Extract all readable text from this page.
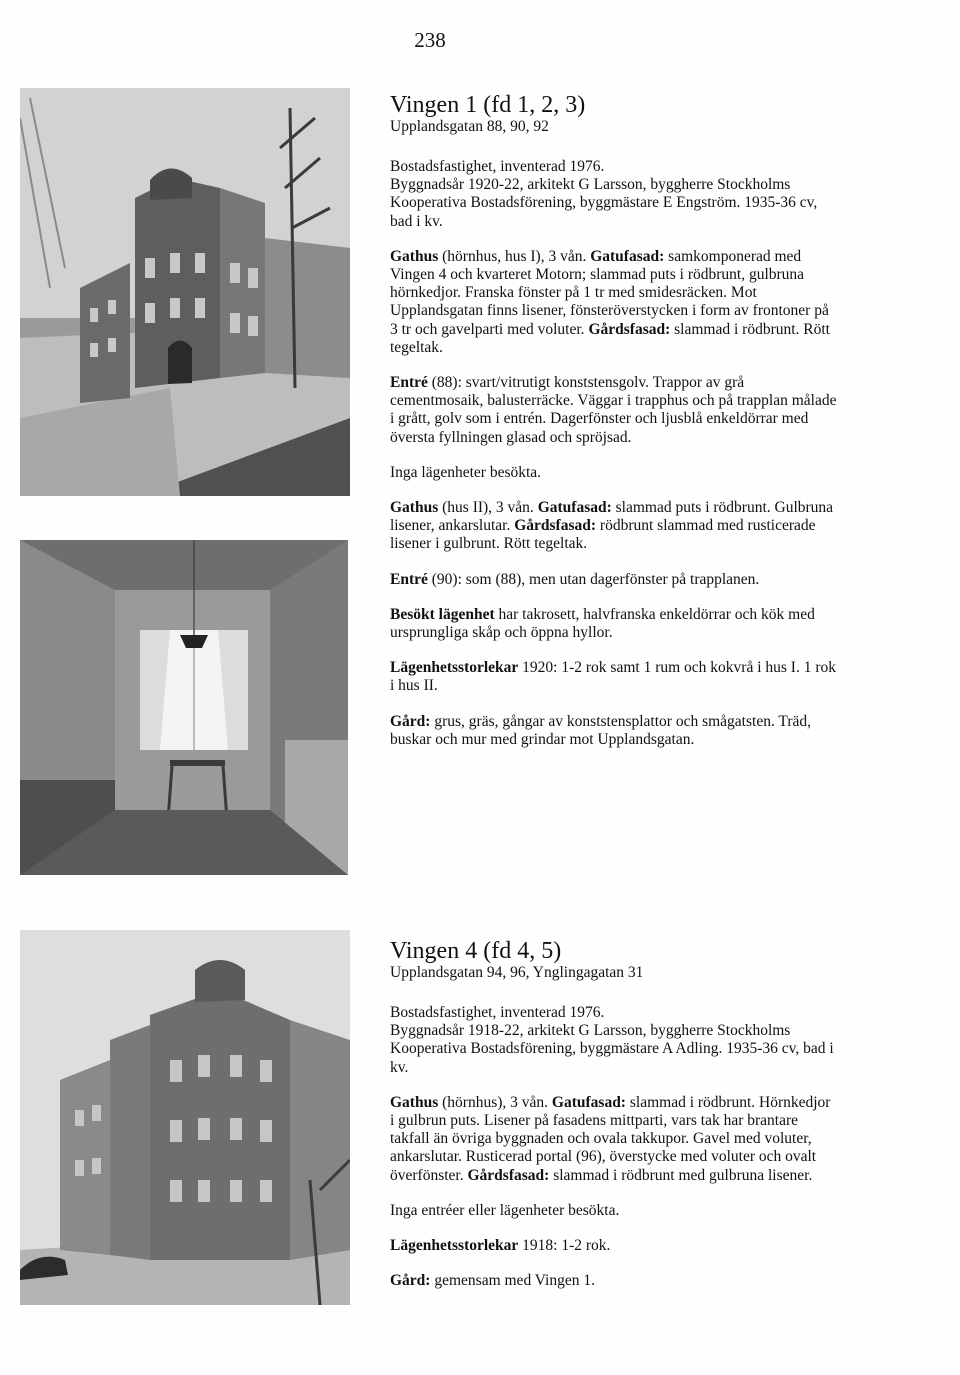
238
Vingen 1 (fd 1, 2, 3)
Upplandsgatan 88, 90, 92

Bostadsfastighet, inventerad 1976.
Byggnadsår 1920-22, arkitekt G Larsson, byggherre Stockholms Kooperativa Bostadsförening, byggmästare E Engström. 1935-36 cv, bad i kv.

Gathus (hörnhus, hus I), 3 vån. Gatufasad: samkomponerad med Vingen 4 och kvarteret Motorn; slammad puts i rödbrunt, gulbruna hörnkedjor. Franska fönster på 1 tr med smidesräcken. Mot Upplandsgatan finns lisener, fönsteröverstycken i form av frontoner på 3 tr och gavelparti med voluter. Gårdsfasad: slammad i rödbrunt. Rött tegeltak.

Entré (88): svart/vitrutigt konststensgolv. Trappor av grå cementmosaik, balusterräcke. Väggar i trapphus och på trapplan målade i grått, golv som i entrén. Dagerfönster och ljusblå enkeldörrar med översta fyllningen glasad och spröjsad.

Inga lägenheter besökta.

Gathus (hus II), 3 vån. Gatufasad: slammad puts i rödbrunt. Gulbruna lisener, ankarslutar. Gårdsfasad: rödbrunt slammad med rusticerade lisener i gulbrunt. Rött tegeltak.

Entré (90): som (88), men utan dagerfönster på trapplanen.

Besökt lägenhet har takrosett, halvfranska enkeldörrar och kök med ursprungliga skåp och öppna hyllor.

Lägenhetsstorlekar 1920: 1-2 rok samt 1 rum och kokvrå i hus I. 1 rok i hus II.

Gård: grus, gräs, gångar av konststensplattor och smågatsten. Träd, buskar och mur med grindar mot Upplandsgatan.

Vingen 4 (fd 4, 5)
Upplandsgatan 94, 96, Ynglingagatan 31

Bostadsfastighet, inventerad 1976.
Byggnadsår 1918-22, arkitekt G Larsson, byggherre Stockholms Kooperativa Bostadsförening, byggmästare A Adling. 1935-36 cv, bad i kv.

Gathus (hörnhus), 3 vån. Gatufasad: slammad i rödbrunt. Hörnkedjor i gulbrun puts. Lisener på fasadens mittparti, vars tak har brantare takfall än övriga byggnaden och ovala takkupor. Gavel med voluter, ankarslutar. Rusticerad portal (96), överstycke med voluter och ovalt överfönster. Gårdsfasad: slammad i rödbrunt med gulbruna lisener.

Inga entréer eller lägenheter besökta.

Lägenhetsstorlekar 1918: 1-2 rok.

Gård: gemensam med Vingen 1.
